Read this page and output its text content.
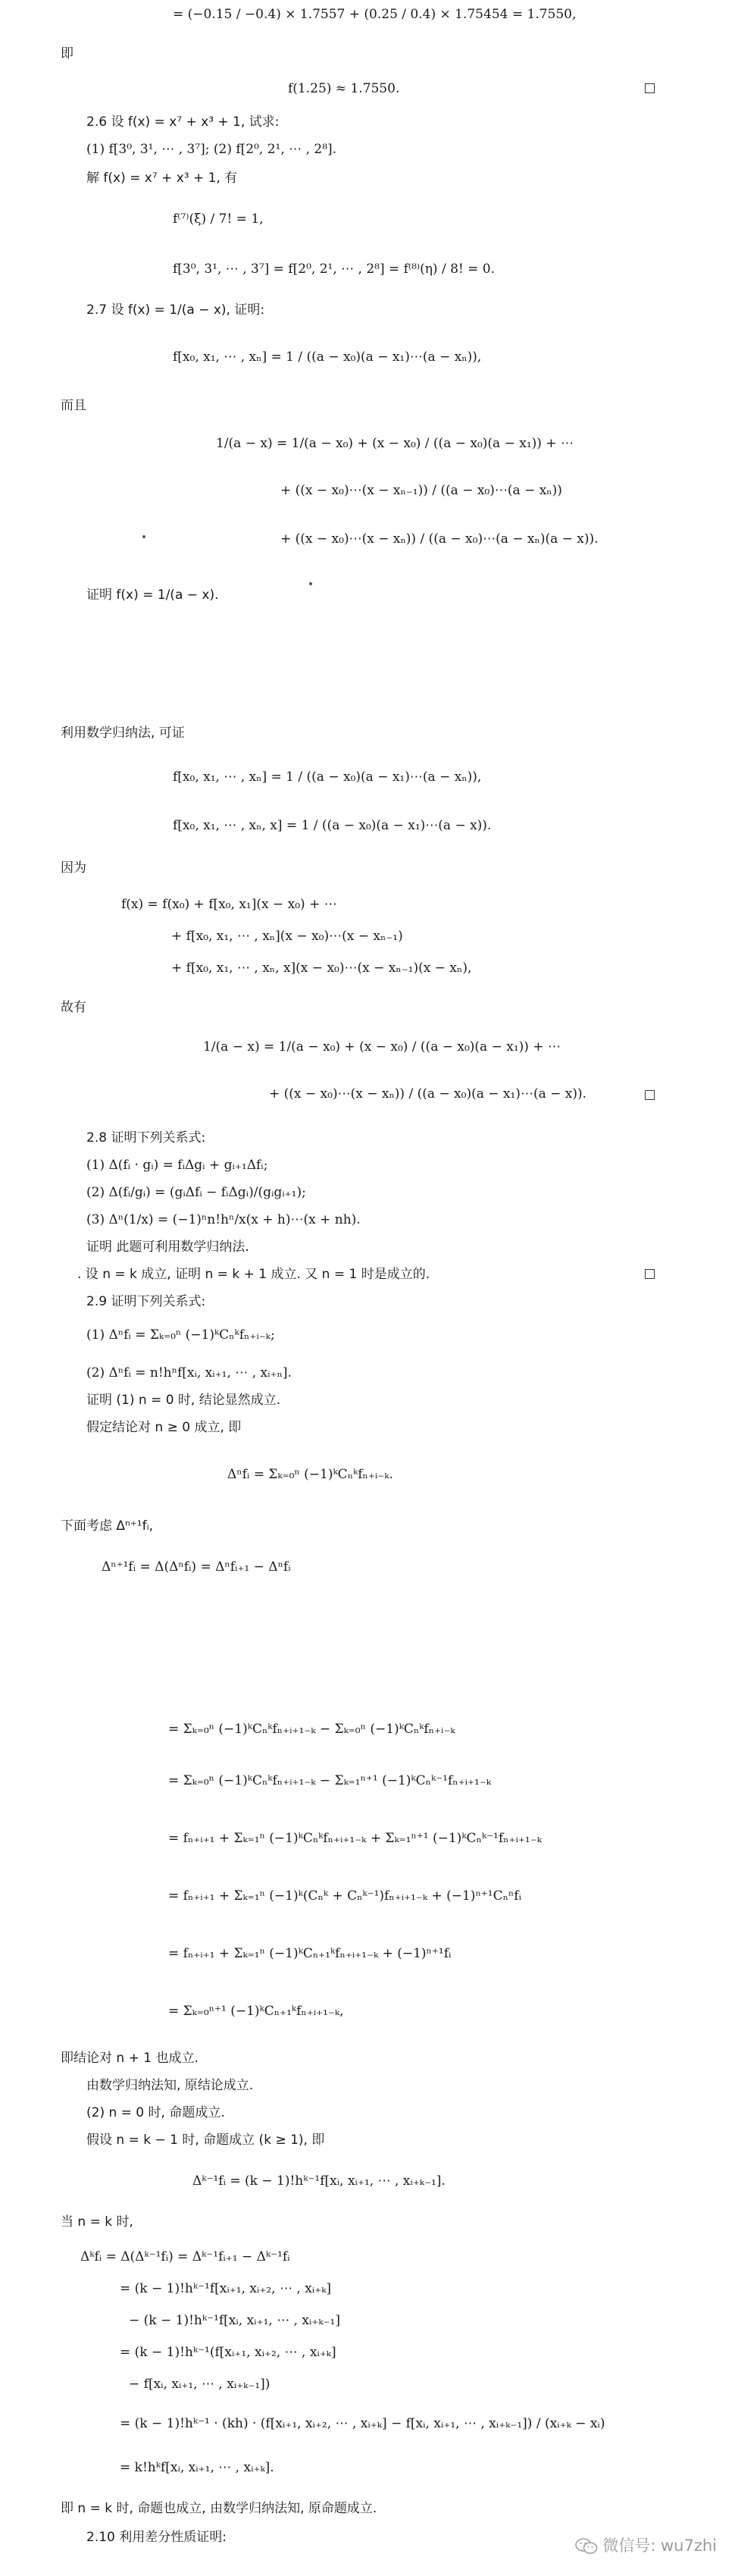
= (−0.15 / −0.4) × 1.7557 + (0.25 / 0.4) × 1.75454 = 1.7550,
即
f(1.25) ≈ 1.7550.
2.6 设 f(x) = x⁷ + x³ + 1, 试求:
(1) f[3⁰, 3¹, ⋯ , 3⁷]; (2) f[2⁰, 2¹, ⋯ , 2⁸].
解 f(x) = x⁷ + x³ + 1, 有
f⁽⁷⁾(ξ) / 7! = 1,
f[3⁰, 3¹, ⋯ , 3⁷] = f[2⁰, 2¹, ⋯ , 2⁸] = f⁽⁸⁾(η) / 8! = 0.
2.7 设 f(x) = 1/(a − x), 证明:
f[x₀, x₁, ⋯ , xₙ] = 1 / ((a − x₀)(a − x₁)⋯(a − xₙ)),
而且
1/(a − x) = 1/(a − x₀) + (x − x₀) / ((a − x₀)(a − x₁)) + ⋯
+ ((x − x₀)⋯(x − xₙ₋₁)) / ((a − x₀)⋯(a − xₙ))
+ ((x − x₀)⋯(x − xₙ)) / ((a − x₀)⋯(a − xₙ)(a − x)).
证明 f(x) = 1/(a − x).
利用数学归纳法, 可证
f[x₀, x₁, ⋯ , xₙ] = 1 / ((a − x₀)(a − x₁)⋯(a − xₙ)),
f[x₀, x₁, ⋯ , xₙ, x] = 1 / ((a − x₀)(a − x₁)⋯(a − x)).
因为
f(x) = f(x₀) + f[x₀, x₁](x − x₀) + ⋯
+ f[x₀, x₁, ⋯ , xₙ](x − x₀)⋯(x − xₙ₋₁)
+ f[x₀, x₁, ⋯ , xₙ, x](x − x₀)⋯(x − xₙ₋₁)(x − xₙ),
故有
1/(a − x) = 1/(a − x₀) + (x − x₀) / ((a − x₀)(a − x₁)) + ⋯
+ ((x − x₀)⋯(x − xₙ)) / ((a − x₀)(a − x₁)⋯(a − x)).
2.8 证明下列关系式:
(1) Δ(fᵢ · gᵢ) = fᵢΔgᵢ + gᵢ₊₁Δfᵢ;
(2) Δ(fᵢ/gᵢ) = (gᵢΔfᵢ − fᵢΔgᵢ)/(gᵢgᵢ₊₁);
(3) Δⁿ(1/x) = (−1)ⁿn!hⁿ/x(x + h)⋯(x + nh).
证明 此题可利用数学归纳法.
. 设 n = k 成立, 证明 n = k + 1 成立. 又 n = 1 时是成立的.
2.9 证明下列关系式:
(1) Δⁿfᵢ = Σₖ₌₀ⁿ (−1)ᵏCₙᵏfₙ₊ᵢ₋ₖ;
(2) Δⁿfᵢ = n!hⁿf[xᵢ, xᵢ₊₁, ⋯ , xᵢ₊ₙ].
证明 (1) n = 0 时, 结论显然成立.
假定结论对 n ≥ 0 成立, 即
Δⁿfᵢ = Σₖ₌₀ⁿ (−1)ᵏCₙᵏfₙ₊ᵢ₋ₖ.
下面考虑 Δⁿ⁺¹fᵢ,
Δⁿ⁺¹fᵢ = Δ(Δⁿfᵢ) = Δⁿfᵢ₊₁ − Δⁿfᵢ
= Σₖ₌₀ⁿ (−1)ᵏCₙᵏfₙ₊ᵢ₊₁₋ₖ − Σₖ₌₀ⁿ (−1)ᵏCₙᵏfₙ₊ᵢ₋ₖ
= Σₖ₌₀ⁿ (−1)ᵏCₙᵏfₙ₊ᵢ₊₁₋ₖ − Σₖ₌₁ⁿ⁺¹ (−1)ᵏCₙᵏ⁻¹fₙ₊ᵢ₊₁₋ₖ
= fₙ₊ᵢ₊₁ + Σₖ₌₁ⁿ (−1)ᵏCₙᵏfₙ₊ᵢ₊₁₋ₖ + Σₖ₌₁ⁿ⁺¹ (−1)ᵏCₙᵏ⁻¹fₙ₊ᵢ₊₁₋ₖ
= fₙ₊ᵢ₊₁ + Σₖ₌₁ⁿ (−1)ᵏ(Cₙᵏ + Cₙᵏ⁻¹)fₙ₊ᵢ₊₁₋ₖ + (−1)ⁿ⁺¹Cₙⁿfᵢ
= fₙ₊ᵢ₊₁ + Σₖ₌₁ⁿ (−1)ᵏCₙ₊₁ᵏfₙ₊ᵢ₊₁₋ₖ + (−1)ⁿ⁺¹fᵢ
= Σₖ₌₀ⁿ⁺¹ (−1)ᵏCₙ₊₁ᵏfₙ₊ᵢ₊₁₋ₖ,
即结论对 n + 1 也成立.
由数学归纳法知, 原结论成立.
(2) n = 0 时, 命题成立.
假设 n = k − 1 时, 命题成立 (k ≥ 1), 即
Δᵏ⁻¹fᵢ = (k − 1)!hᵏ⁻¹f[xᵢ, xᵢ₊₁, ⋯ , xᵢ₊ₖ₋₁].
当 n = k 时,
Δᵏfᵢ = Δ(Δᵏ⁻¹fᵢ) = Δᵏ⁻¹fᵢ₊₁ − Δᵏ⁻¹fᵢ
= (k − 1)!hᵏ⁻¹f[xᵢ₊₁, xᵢ₊₂, ⋯ , xᵢ₊ₖ]
− (k − 1)!hᵏ⁻¹f[xᵢ, xᵢ₊₁, ⋯ , xᵢ₊ₖ₋₁]
= (k − 1)!hᵏ⁻¹(f[xᵢ₊₁, xᵢ₊₂, ⋯ , xᵢ₊ₖ]
− f[xᵢ, xᵢ₊₁, ⋯ , xᵢ₊ₖ₋₁])
= (k − 1)!hᵏ⁻¹ · (kh) · (f[xᵢ₊₁, xᵢ₊₂, ⋯ , xᵢ₊ₖ] − f[xᵢ, xᵢ₊₁, ⋯ , xᵢ₊ₖ₋₁]) / (xᵢ₊ₖ − xᵢ)
= k!hᵏf[xᵢ, xᵢ₊₁, ⋯ , xᵢ₊ₖ].
即 n = k 时, 命题也成立, 由数学归纳法知, 原命题成立.
2.10 利用差分性质证明:	微信号: wu7zhi
